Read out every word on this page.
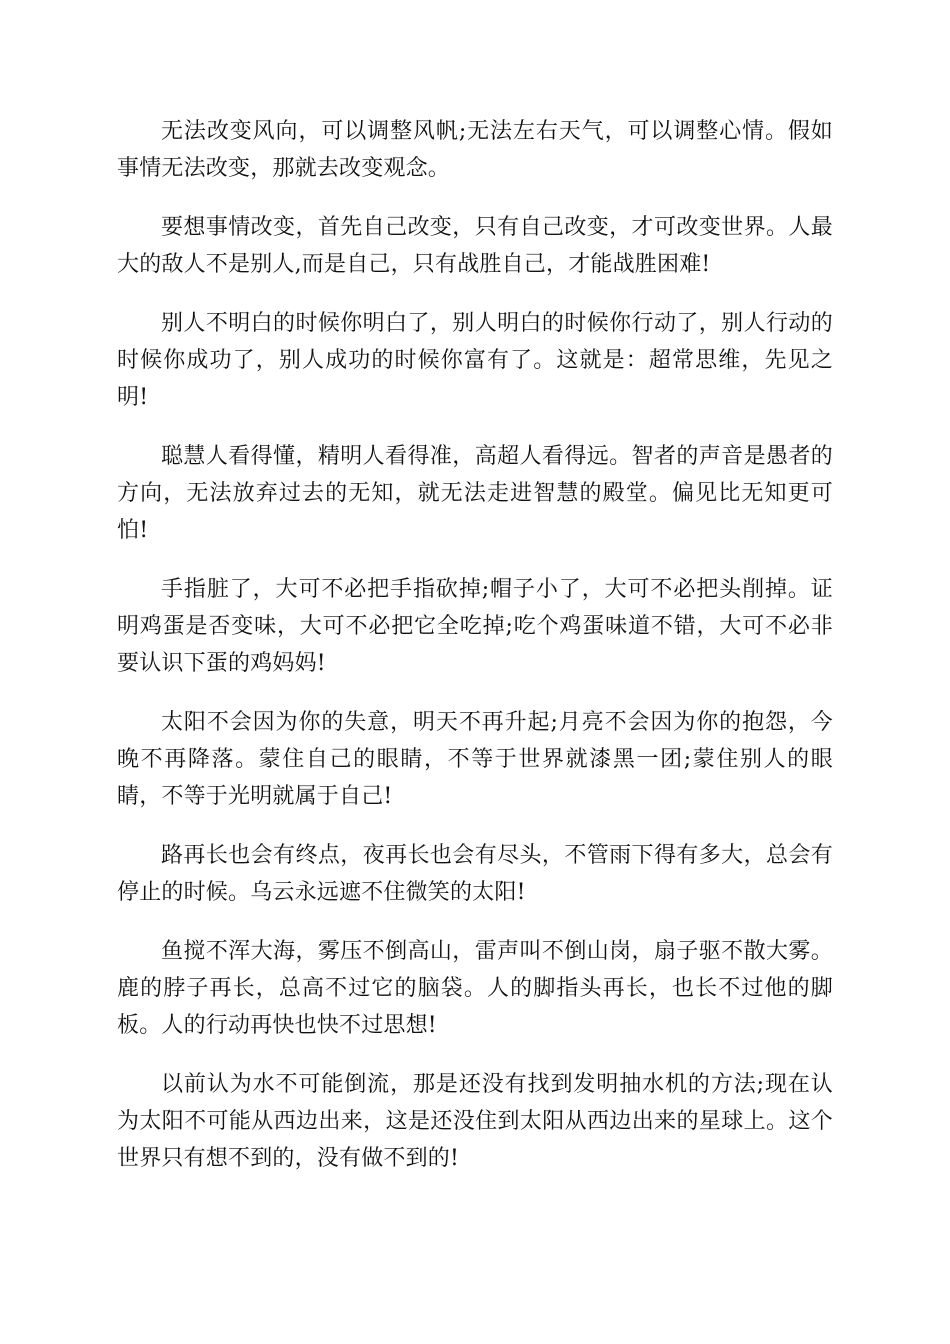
无法改变风向，可以调整风帆;无法左右天气，可以调整心情。假如事情无法改变，那就去改变观念。

要想事情改变，首先自己改变，只有自己改变，才可改变世界。人最大的敌人不是别人,而是自己，只有战胜自己，才能战胜困难!

别人不明白的时候你明白了，别人明白的时候你行动了，别人行动的时候你成功了，别人成功的时候你富有了。这就是：超常思维，先见之明!

聪慧人看得懂，精明人看得准，高超人看得远。智者的声音是愚者的方向，无法放弃过去的无知，就无法走进智慧的殿堂。偏见比无知更可怕!

手指脏了，大可不必把手指砍掉;帽子小了，大可不必把头削掉。证明鸡蛋是否变味，大可不必把它全吃掉;吃个鸡蛋味道不错，大可不必非要认识下蛋的鸡妈妈!

太阳不会因为你的失意，明天不再升起;月亮不会因为你的抱怨，今晚不再降落。蒙住自己的眼睛，不等于世界就漆黑一团;蒙住别人的眼睛，不等于光明就属于自己!

路再长也会有终点，夜再长也会有尽头，不管雨下得有多大，总会有停止的时候。乌云永远遮不住微笑的太阳!

鱼搅不浑大海，雾压不倒高山，雷声叫不倒山岗，扇子驱不散大雾。鹿的脖子再长，总高不过它的脑袋。人的脚指头再长，也长不过他的脚板。人的行动再快也快不过思想!

以前认为水不可能倒流，那是还没有找到发明抽水机的方法;现在认为太阳不可能从西边出来，这是还没住到太阳从西边出来的星球上。这个世界只有想不到的，没有做不到的!
